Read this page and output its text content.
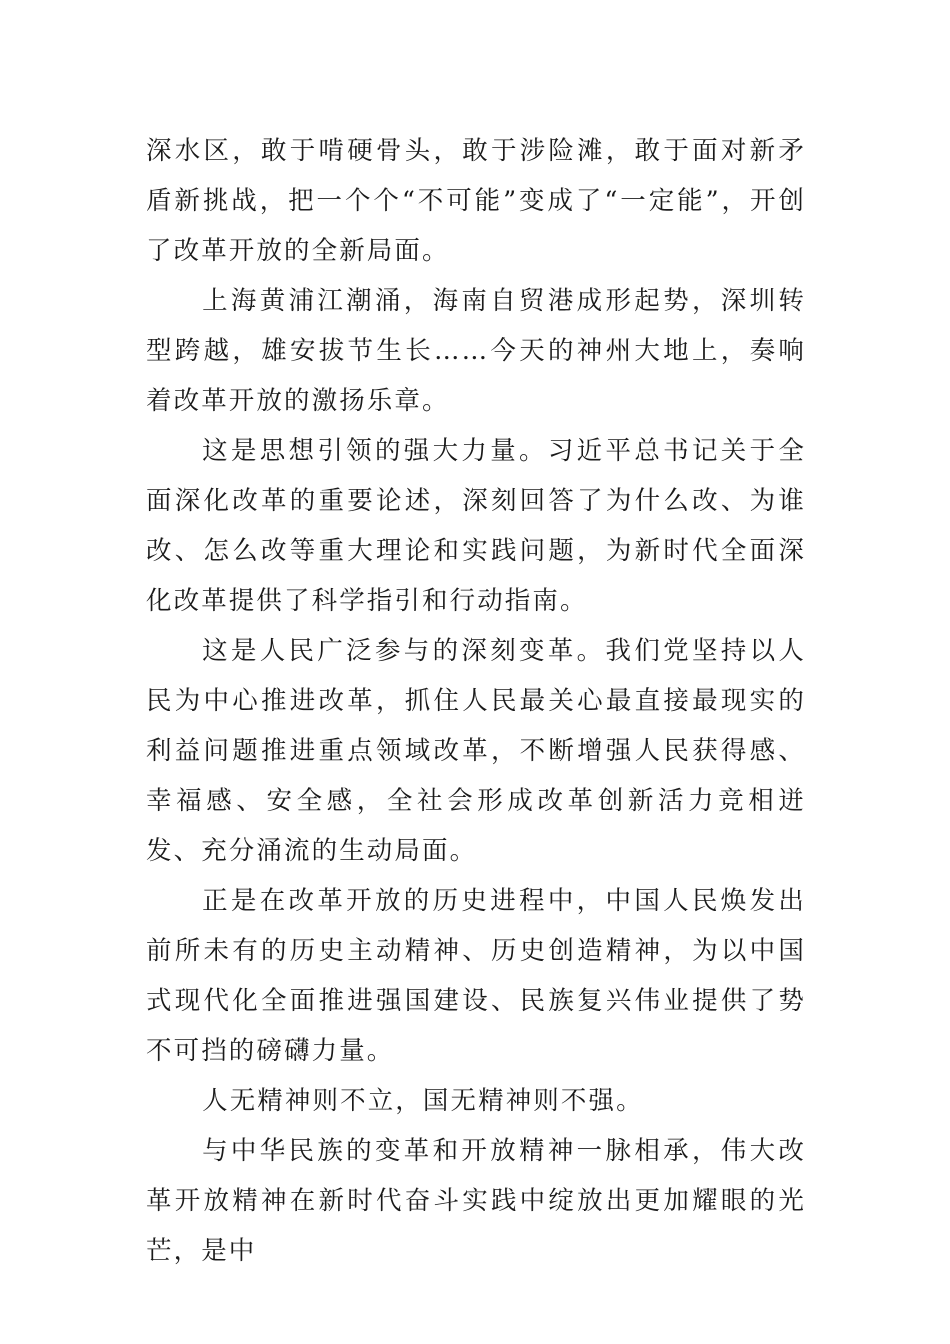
深水区，敢于啃硬骨头，敢于涉险滩，敢于面对新矛盾新挑战，把一个个“不可能”变成了“一定能”，开创了改革开放的全新局面。

上海黄浦江潮涌，海南自贸港成形起势，深圳转型跨越，雄安拔节生长……今天的神州大地上，奏响着改革开放的激扬乐章。

这是思想引领的强大力量。习近平总书记关于全面深化改革的重要论述，深刻回答了为什么改、为谁改、怎么改等重大理论和实践问题，为新时代全面深化改革提供了科学指引和行动指南。

这是人民广泛参与的深刻变革。我们党坚持以人民为中心推进改革，抓住人民最关心最直接最现实的利益问题推进重点领域改革，不断增强人民获得感、幸福感、安全感，全社会形成改革创新活力竞相迸发、充分涌流的生动局面。

正是在改革开放的历史进程中，中国人民焕发出前所未有的历史主动精神、历史创造精神，为以中国式现代化全面推进强国建设、民族复兴伟业提供了势不可挡的磅礴力量。

人无精神则不立，国无精神则不强。

与中华民族的变革和开放精神一脉相承，伟大改革开放精神在新时代奋斗实践中绽放出更加耀眼的光芒，是中
